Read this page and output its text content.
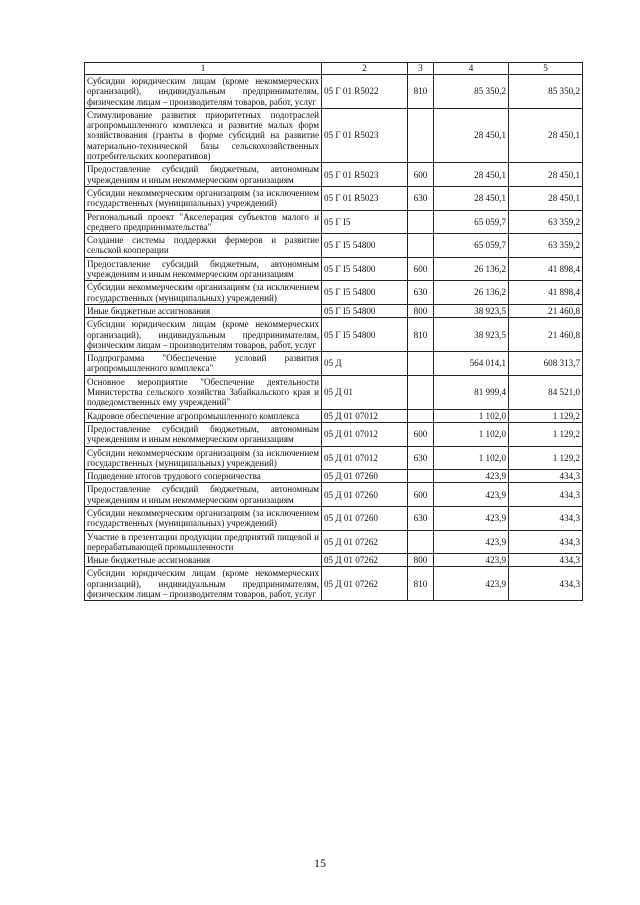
1	2	3	4	5
Субсидии юридическим лицам (кроме некоммерческих организаций), индивидуальным предпринимателям, физическим лицам – производителям товаров, работ, услуг	05 Г 01 R5022	810	85 350,2	85 350,2
Стимулирование развития приоритетных подотраслей агропромышленного комплекса и развитие малых форм хозяйствования (гранты в форме субсидий на развитие материально-технической базы сельскохозяйственных потребительских кооперативов)	05 Г 01 R5023		28 450,1	28 450,1
Предоставление субсидий бюджетным, автономным учреждениям и иным некоммерческим организациям	05 Г 01 R5023	600	28 450,1	28 450,1
Субсидии некоммерческим организациям (за исключением государственных (муниципальных) учреждений)	05 Г 01 R5023	630	28 450,1	28 450,1
Региональный проект "Акселерация субъектов малого и среднего предпринимательства"	05 Г I5		65 059,7	63 359,2
Создание системы поддержки фермеров и развитие сельской кооперации	05 Г I5 54800		65 059,7	63 359,2
Предоставление субсидий бюджетным, автономным учреждениям и иным некоммерческим организациям	05 Г I5 54800	600	26 136,2	41 898,4
Субсидии некоммерческим организациям (за исключением государственных (муниципальных) учреждений)	05 Г I5 54800	630	26 136,2	41 898,4
Иные бюджетные ассигнования	05 Г I5 54800	800	38 923,5	21 460,8
Субсидии юридическим лицам (кроме некоммерческих организаций), индивидуальным предпринимателям, физическим лицам – производителям товаров, работ, услуг	05 Г I5 54800	810	38 923,5	21 460,8
Подпрограмма "Обеспечение условий развития агропромышленного комплекса"	05 Д		564 014,1	608 313,7
Основное мероприятие "Обеспечение деятельности Министерства сельского хозяйства Забайкальского края и подведомственных ему учреждений"	05 Д 01		81 999,4	84 521,0
Кадровое обеспечение агропромышленного комплекса	05 Д 01 07012		1 102,0	1 129,2
Предоставление субсидий бюджетным, автономным учреждениям и иным некоммерческим организациям	05 Д 01 07012	600	1 102,0	1 129,2
Субсидии некоммерческим организациям (за исключением государственных (муниципальных) учреждений)	05 Д 01 07012	630	1 102,0	1 129,2
Подведение итогов трудового соперничества	05 Д 01 07260		423,9	434,3
Предоставление субсидий бюджетным, автономным учреждениям и иным некоммерческим организациям	05 Д 01 07260	600	423,9	434,3
Субсидии некоммерческим организациям (за исключением государственных (муниципальных) учреждений)	05 Д 01 07260	630	423,9	434,3
Участие в презентации продукции предприятий пищевой и перерабатывающей промышленности	05 Д 01 07262		423,9	434,3
Иные бюджетные ассигнования	05 Д 01 07262	800	423,9	434,3
Субсидии юридическим лицам (кроме некоммерческих организаций), индивидуальным предпринимателям, физическим лицам – производителям товаров, работ, услуг	05 Д 01 07262	810	423,9	434,3
15
